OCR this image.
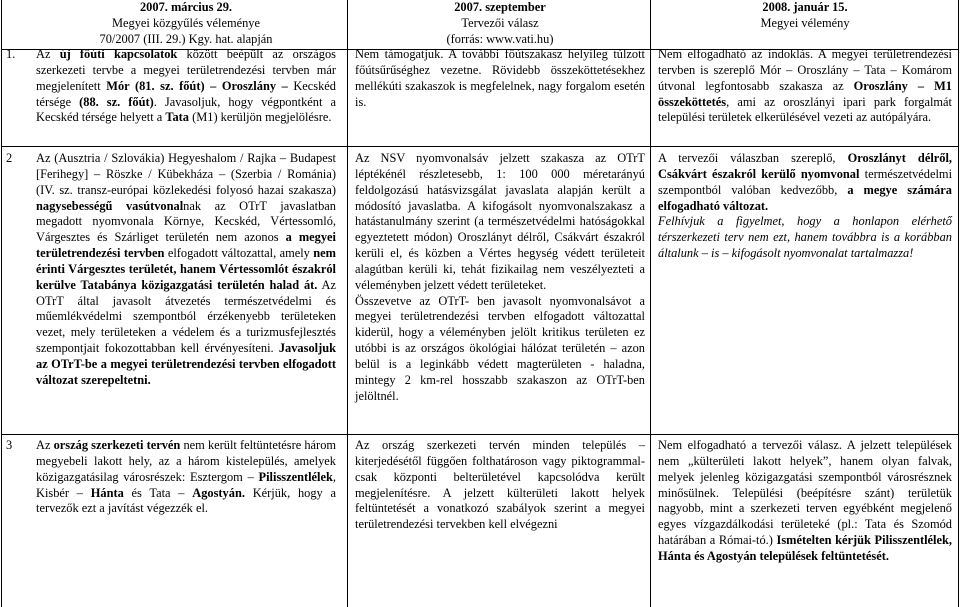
2007. március 29.
Megyei közgyűlés véleménye
70/2007 (III. 29.) Kgy. hat. alapján
2007. szeptember
Tervezői válasz
(forrás: www.vati.hu)
2008. január 15.
Megyei vélemény
1.
2
3

Az új főúti kapcsolatok között beépült az országos szerkezeti tervbe a megyei területrendezési tervben már megjelenített Mór (81. sz. főút) – Oroszlány – Kecskéd térsége (88. sz. főút). Javasoljuk, hogy végpontként a Kecskéd térsége helyett a Tata (M1) kerüljön megjelölésre.

Nem támogatjuk. A további főútszakasz helyileg túlzott főútsűrűséghez vezetne. Rövidebb összeköttetésekhez mellékúti szakaszok is megfelelnek, nagy forgalom esetén is.

Nem elfogadható az indoklás. A megyei területrendezési tervben is szereplő Mór – Oroszlány – Tata – Komárom útvonal legfontosabb szakasza az Oroszlány – M1 összeköttetés, ami az oroszlányi ipari park forgalmát települési területek elkerülésével vezeti az autópályára.

Az (Ausztria / Szlovákia) Hegyeshalom / Rajka – Budapest [Ferihegy] – Röszke / Kübekháza – (Szerbia / Románia) (IV. sz. transz-európai közlekedési folyosó hazai szakasza) nagysebességű vasútvonalnak az OTrT javaslatban megadott nyomvonala Környe, Kecskéd, Vértessomló, Várgesztes és Szárliget területén nem azonos a megyei területrendezési tervben elfogadott változattal, amely nem érinti Várgesztes területét, hanem Vértessomlót északról kerülve Tatabánya közigazgatási területén halad át. Az OTrT által javasolt átvezetés természetvédelmi és műemlékvédelmi szempontból érzékenyebb területeken vezet, mely területeken a védelem és a turizmusfejlesztés szempontjait fokozottabban kell érvényesíteni. Javasoljuk az OTrT-be a megyei területrendezési tervben elfogadott változat szerepeltetni.

Az NSV nyomvonalsáv jelzett szakasza az OTrT léptékénél részletesebb, 1: 100 000 méretarányú feldolgozású hatásvizsgálat javaslata alapján került a módosító javaslatba. A kifogásolt nyomvonalszakasz a hatástanulmány szerint (a természetvédelmi hatóságokkal egyeztetett módon) Oroszlányt délről, Csákvárt északról kerüli el, és közben a Vértes hegység védett területeit alagútban kerüli ki, tehát fizikailag nem veszélyezteti a véleményben jelzett védett területeket.

Összevetve az OTrT- ben javasolt nyomvonalsávot a megyei területrendezési tervben elfogadott változattal kiderül, hogy a véleményben jelölt kritikus területen ez utóbbi is az országos ökológiai hálózat területén – azon belül is a leginkább védett magterületen - haladna, mintegy 2 km-rel hosszabb szakaszon az OTrT-ben jelöltnél.

A tervezői válaszban szereplő, Oroszlányt délről, Csákvárt északról kerülő nyomvonal természetvédelmi szempontból valóban kedvezőbb, a megye számára elfogadható változat.

Felhívjuk a figyelmet, hogy a honlapon elérhető térszerkezeti terv nem ezt, hanem továbbra is a korábban általunk – is – kifogásolt nyomvonalat tartalmazza!

Az ország szerkezeti tervén nem került feltüntetésre három megyebeli lakott hely, az a három kistelepülés, amelyek közigazgatásilag városrészek: Esztergom – Pilisszentlélek, Kisbér – Hánta és Tata – Agostyán. Kérjük, hogy a tervezők ezt a javítást végezzék el.

Az ország szerkezeti tervén minden település – kiterjedésétől függően folthatároson vagy piktogrammal- csak központi belterületével kapcsolódva került megjelenítésre. A jelzett külterületi lakott helyek feltüntetését a vonatkozó szabályok szerint a megyei területrendezési tervekben kell elvégezni

Nem elfogadható a tervezői válasz. A jelzett települések nem „külterületi lakott helyek”, hanem olyan falvak, melyek jelenleg közigazgatási szempontból városrésznek minősülnek. Települési (beépítésre szánt) területük nagyobb, mint a szerkezeti terven egyébként megjelenő egyes vízgazdálkodási területeké (pl.: Tata és Szomód határában a Római-tó.) Ismételten kérjük Pilisszentlélek, Hánta és Agostyán települések feltüntetését.
